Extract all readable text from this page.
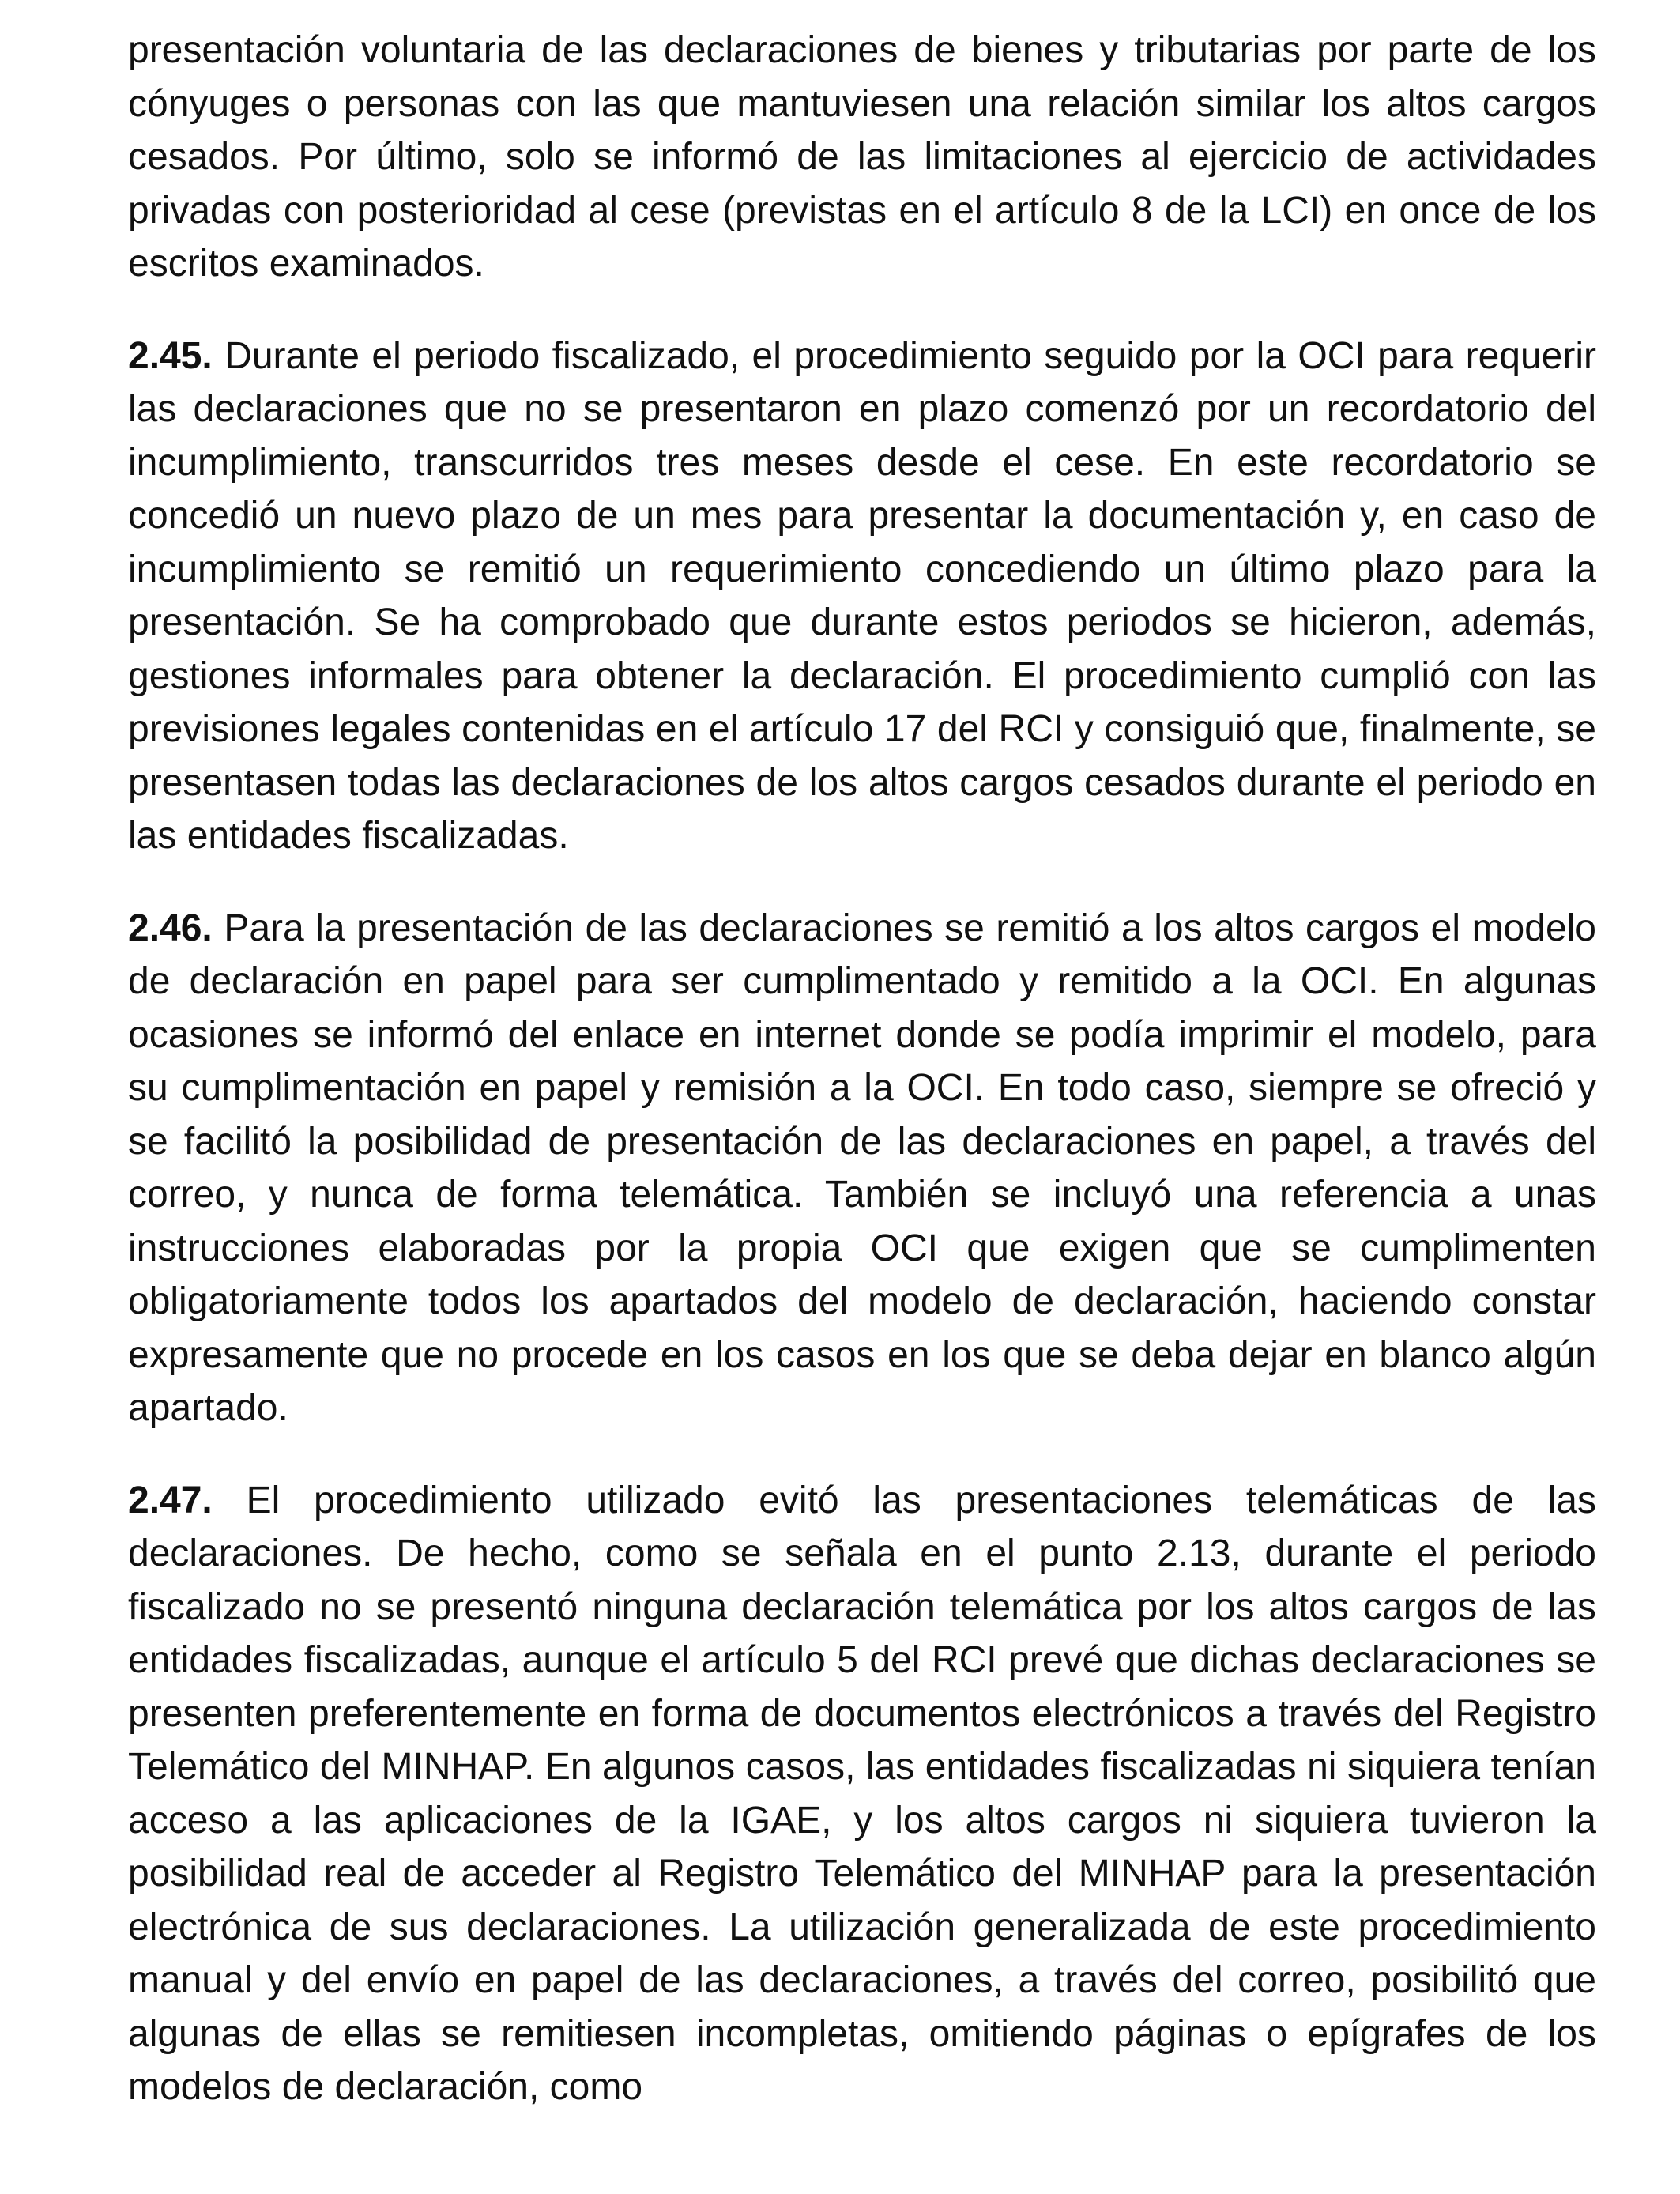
presentación voluntaria de las declaraciones de bienes y tributarias por parte de los cónyuges o personas con las que mantuviesen una relación similar los altos cargos cesados. Por último, solo se informó de las limitaciones al ejercicio de actividades privadas con posterioridad al cese (previstas en el artículo 8 de la LCI) en once de los escritos examinados.

2.45. Durante el periodo fiscalizado, el procedimiento seguido por la OCI para requerir las declaraciones que no se presentaron en plazo comenzó por un recordatorio del incumplimiento, transcurridos tres meses desde el cese. En este recordatorio se concedió un nuevo plazo de un mes para presentar la documentación y, en caso de incumplimiento se remitió un requerimiento concediendo un último plazo para la presentación. Se ha comprobado que durante estos periodos se hicieron, además, gestiones informales para obtener la declaración. El procedimiento cumplió con las previsiones legales contenidas en el artículo 17 del RCI y consiguió que, finalmente, se presentasen todas las declaraciones de los altos cargos cesados durante el periodo en las entidades fiscalizadas.

2.46. Para la presentación de las declaraciones se remitió a los altos cargos el modelo de declaración en papel para ser cumplimentado y remitido a la OCI. En algunas ocasiones se informó del enlace en internet donde se podía imprimir el modelo, para su cumplimentación en papel y remisión a la OCI. En todo caso, siempre se ofreció y se facilitó la posibilidad de presentación de las declaraciones en papel, a través del correo, y nunca de forma telemática. También se incluyó una referencia a unas instrucciones elaboradas por la propia OCI que exigen que se cumplimenten obligatoriamente todos los apartados del modelo de declaración, haciendo constar expresamente que no procede en los casos en los que se deba dejar en blanco algún apartado.

2.47. El procedimiento utilizado evitó las presentaciones telemáticas de las declaraciones. De hecho, como se señala en el punto 2.13, durante el periodo fiscalizado no se presentó ninguna declaración telemática por los altos cargos de las entidades fiscalizadas, aunque el artículo 5 del RCI prevé que dichas declaraciones se presenten preferentemente en forma de documentos electrónicos a través del Registro Telemático del MINHAP. En algunos casos, las entidades fiscalizadas ni siquiera tenían acceso a las aplicaciones de la IGAE, y los altos cargos ni siquiera tuvieron la posibilidad real de acceder al Registro Telemático del MINHAP para la presentación electrónica de sus declaraciones. La utilización generalizada de este procedimiento manual y del envío en papel de las declaraciones, a través del correo, posibilitó que algunas de ellas se remitiesen incompletas, omitiendo páginas o epígrafes de los modelos de declaración, como
